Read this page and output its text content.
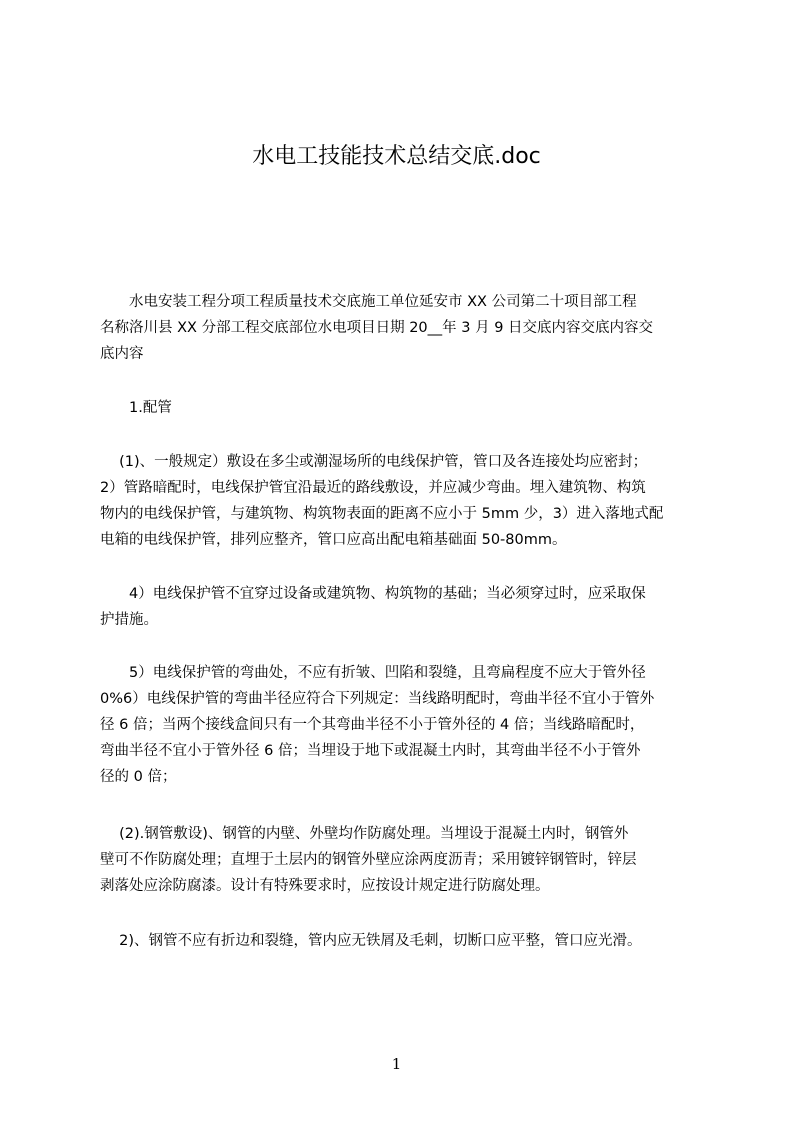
水电工技能技术总结交底.doc
　　水电安装工程分项工程质量技术交底施工单位延安市 XX 公司第二十项目部工程
名称洛川县 XX 分部工程交底部位水电项目日期 20__年 3 月 9 日交底内容交底内容交
底内容
　　1.配管
　 (1)、一般规定）敷设在多尘或潮湿场所的电线保护管，管口及各连接处均应密封；
2）管路暗配时，电线保护管宜沿最近的路线敷设，并应减少弯曲。埋入建筑物、构筑
物内的电线保护管，与建筑物、构筑物表面的距离不应小于 5mm 少，3）进入落地式配
电箱的电线保护管，排列应整齐，管口应高出配电箱基础面 50-80mm。
　　4）电线保护管不宜穿过设备或建筑物、构筑物的基础；当必须穿过时，应采取保
护措施。
　　5）电线保护管的弯曲处，不应有折皱、凹陷和裂缝，且弯扁程度不应大于管外径
0%6）电线保护管的弯曲半径应符合下列规定：当线路明配时，弯曲半径不宜小于管外
径 6 倍；当两个接线盒间只有一个其弯曲半径不小于管外径的 4 倍；当线路暗配时，
弯曲半径不宜小于管外径 6 倍；当埋设于地下或混凝土内时，其弯曲半径不小于管外
径的 0 倍；
　 (2).钢管敷设)、钢管的内壁、外壁均作防腐处理。当埋设于混凝土内时，钢管外
壁可不作防腐处理；直埋于土层内的钢管外壁应涂两度沥青；采用镀锌钢管时，锌层
剥落处应涂防腐漆。设计有特殊要求时，应按设计规定进行防腐处理。
　 2)、钢管不应有折边和裂缝，管内应无铁屑及毛刺，切断口应平整，管口应光滑。
1
